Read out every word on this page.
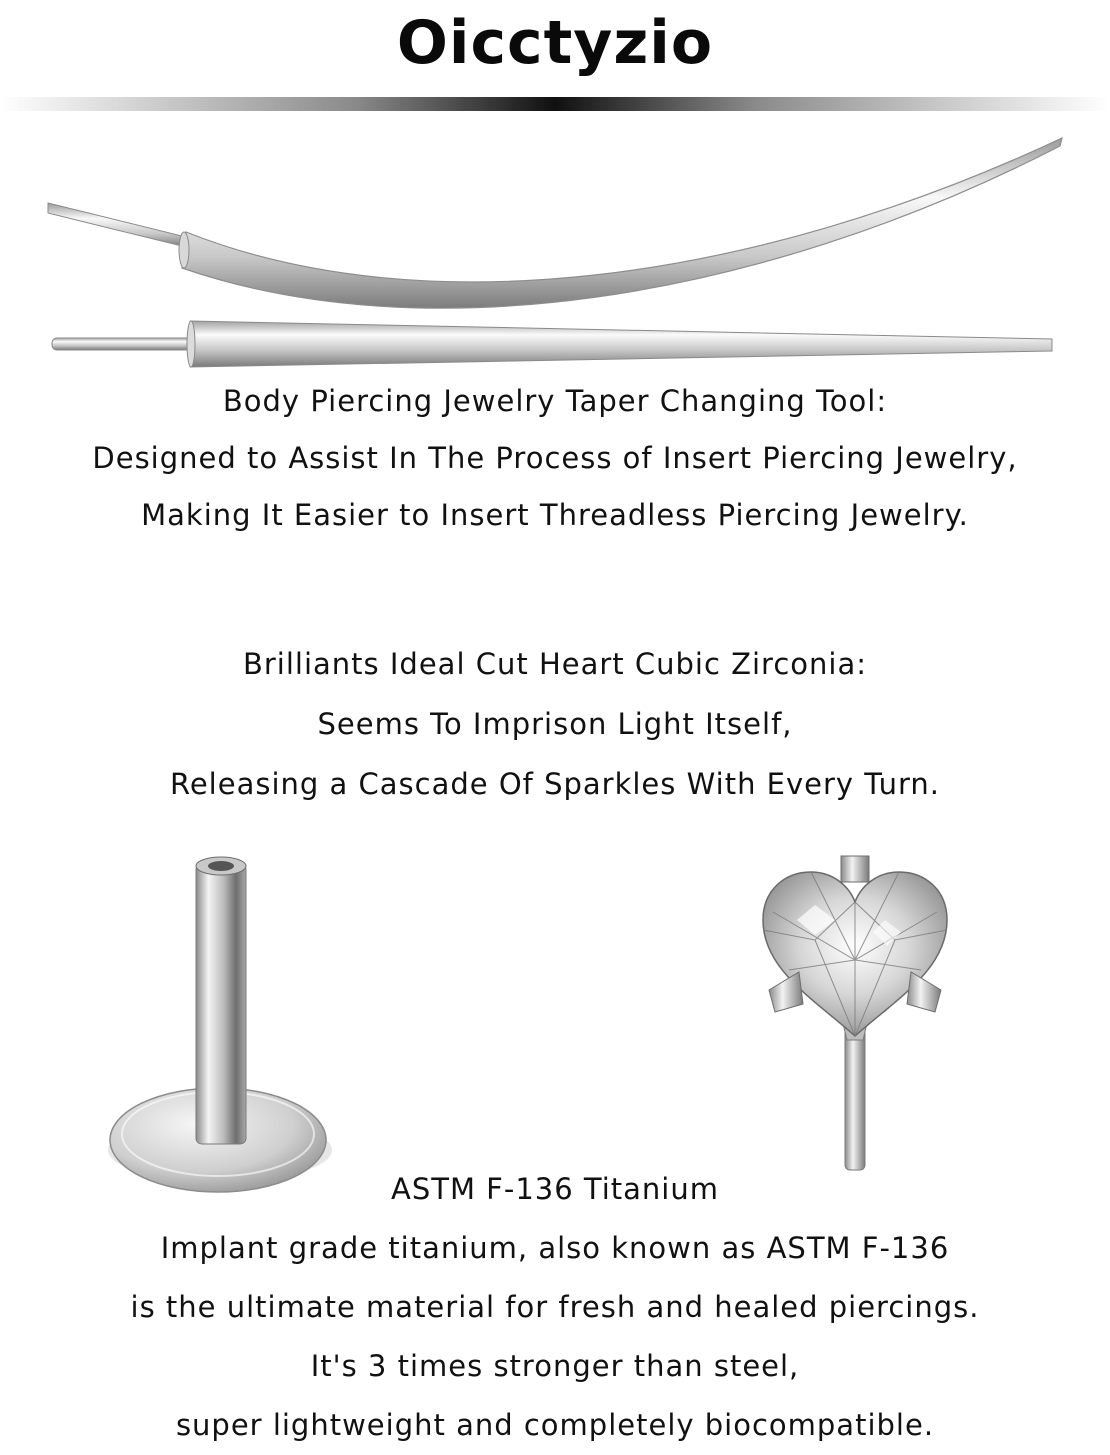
Oicctyzio
Body Piercing Jewelry Taper Changing Tool:
Designed to Assist In The Process of Insert Piercing Jewelry,
Making It Easier to Insert Threadless Piercing Jewelry.
Brilliants Ideal Cut Heart Cubic Zirconia:
Seems To Imprison Light Itself,
Releasing a Cascade Of Sparkles With Every Turn.
ASTM F-136 Titanium
Implant grade titanium, also known as ASTM F-136
is the ultimate material for fresh and healed piercings.
It's 3 times stronger than steel,
super lightweight and completely biocompatible.
